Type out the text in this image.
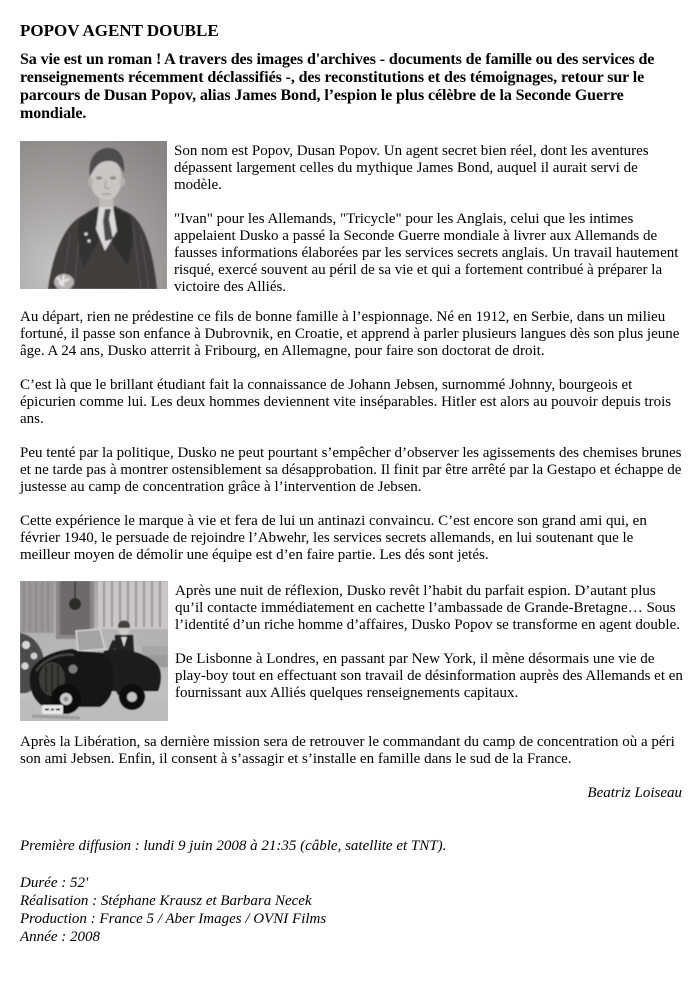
POPOV AGENT DOUBLE

Sa vie est un roman ! A travers des images d'archives - documents de famille ou des services de renseignements récemment déclassifiés -, des reconstitutions et des témoignages, retour sur le parcours de Dusan Popov, alias James Bond, l’espion le plus célèbre de la Seconde Guerre mondiale.

Son nom est Popov, Dusan Popov. Un agent secret bien réel, dont les aventures dépassent largement celles du mythique James Bond, auquel il aurait servi de modèle.

"Ivan" pour les Allemands, "Tricycle" pour les Anglais, celui que les intimes appelaient Dusko a passé la Seconde Guerre mondiale à livrer aux Allemands de fausses informations élaborées par les services secrets anglais. Un travail hautement risqué, exercé souvent au péril de sa vie et qui a fortement contribué à préparer la victoire des Alliés.

Au départ, rien ne prédestine ce fils de bonne famille à l’espionnage. Né en 1912, en Serbie, dans un milieu fortuné, il passe son enfance à Dubrovnik, en Croatie, et apprend à parler plusieurs langues dès son plus jeune âge. A 24 ans, Dusko atterrit à Fribourg, en Allemagne, pour faire son doctorat de droit.

C’est là que le brillant étudiant fait la connaissance de Johann Jebsen, surnommé Johnny, bourgeois et épicurien comme lui. Les deux hommes deviennent vite inséparables. Hitler est alors au pouvoir depuis trois ans.

Peu tenté par la politique, Dusko ne peut pourtant s’empêcher d’observer les agissements des chemises brunes et ne tarde pas à montrer ostensiblement sa désapprobation. Il finit par être arrêté par la Gestapo et échappe de justesse au camp de concentration grâce à l’intervention de Jebsen.

Cette expérience le marque à vie et fera de lui un antinazi convaincu. C’est encore son grand ami qui, en février 1940, le persuade de rejoindre l’Abwehr, les services secrets allemands, en lui soutenant que le meilleur moyen de démolir une équipe est d’en faire partie. Les dés sont jetés.

Après une nuit de réflexion, Dusko revêt l’habit du parfait espion. D’autant plus qu’il contacte immédiatement en cachette l’ambassade de Grande-Bretagne… Sous l’identité d’un riche homme d’affaires, Dusko Popov se transforme en agent double.

De Lisbonne à Londres, en passant par New York, il mène désormais une vie de play-boy tout en effectuant son travail de désinformation auprès des Allemands et en fournissant aux Alliés quelques renseignements capitaux.

Après la Libération, sa dernière mission sera de retrouver le commandant du camp de concentration où a péri son ami Jebsen. Enfin, il consent à s’assagir et s’installe en famille dans le sud de la France.

Beatriz Loiseau

Première diffusion : lundi 9 juin 2008 à 21:35 (câble, satellite et TNT).

Durée : 52'

Réalisation : Stéphane Krausz et Barbara Necek

Production : France 5 / Aber Images / OVNI Films

Année : 2008
